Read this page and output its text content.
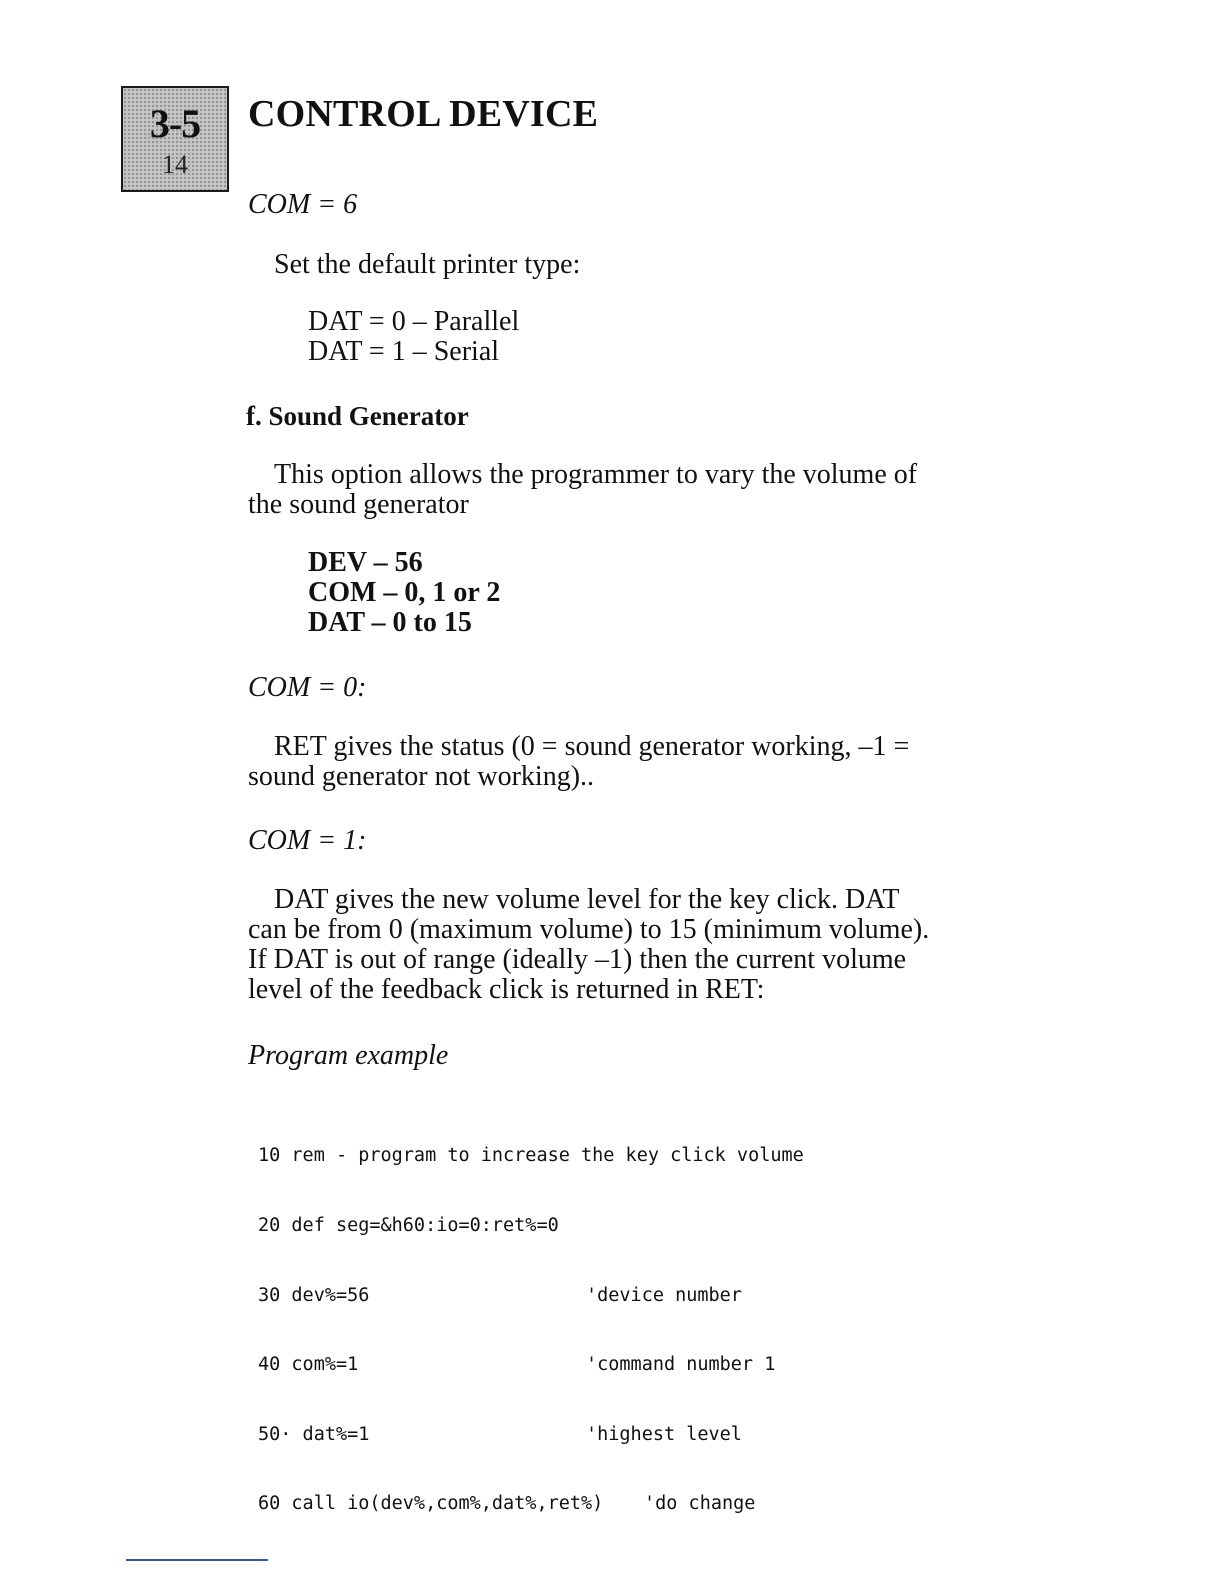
3-5
14
CONTROL DEVICE

COM = 6

Set the default printer type:

DAT = 0 – Parallel

DAT = 1 – Serial

f. Sound Generator

This option allows the programmer to vary the volume of

the sound generator

DEV – 56

COM – 0, 1 or 2

DAT – 0 to 15

COM = 0:

RET gives the status (0 = sound generator working, –1 =

sound generator not working)..

COM = 1:

DAT gives the new volume level for the key click. DAT

can be from 0 (maximum volume) to 15 (minimum volume).

If DAT is out of range (ideally –1) then the current volume

level of the feedback click is returned in RET:

Program example

10 rem - program to increase the key click volume

20 def seg=&h60:io=0:ret%=0

30 dev%=56

	'device number

40 com%=1

	'command number 1

50· dat%=1

	'highest level

60 call io(dev%,com%,dat%,ret%)

'do change
